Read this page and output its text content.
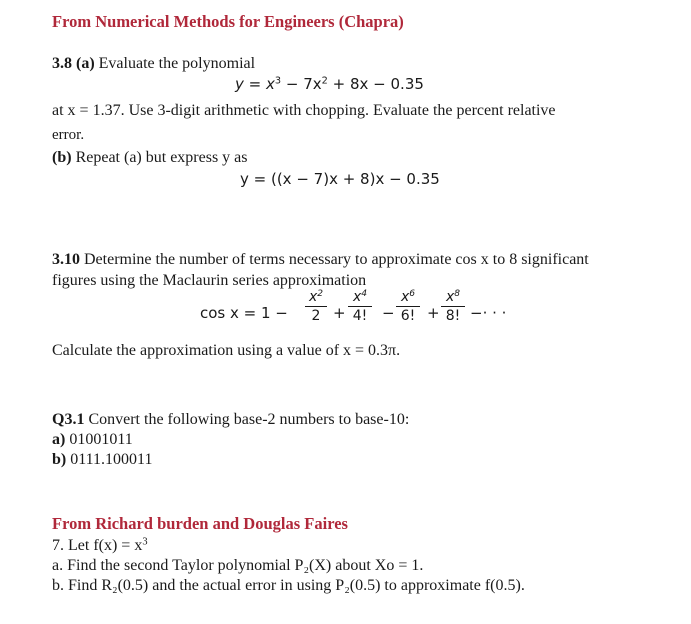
From Numerical Methods for Engineers (Chapra)
3.8 (a) Evaluate the polynomial
$y = x^3 - 7x^2 + 8x - 0.35$
at x = 1.37. Use 3-digit arithmetic with chopping. Evaluate the percent relative
error.
(b) Repeat (a) but express y as
y = ((x − 7)x + 8)x − 0.35
3.10 Determine the number of terms necessary to approximate cos x to 8 significant
figures using the Maclaurin series approximation
cos x = 1 −
$x^2$
2 +
$x^4$
4! −
$x^6$
6! +
$x^8$
8! −· · ·
Calculate the approximation using a value of x = 0.3π.
Q3.1 Convert the following base-2 numbers to base-10:
a) 01001011
b) 0111.100011
From Richard burden and Douglas Faires
7. Let $f(x) = x^3$
a. Find the second Taylor polynomial P₂(X) about Xo = 1.
b. Find R₂(0.5) and the actual error in using P₂(0.5) to approximate f(0.5).
